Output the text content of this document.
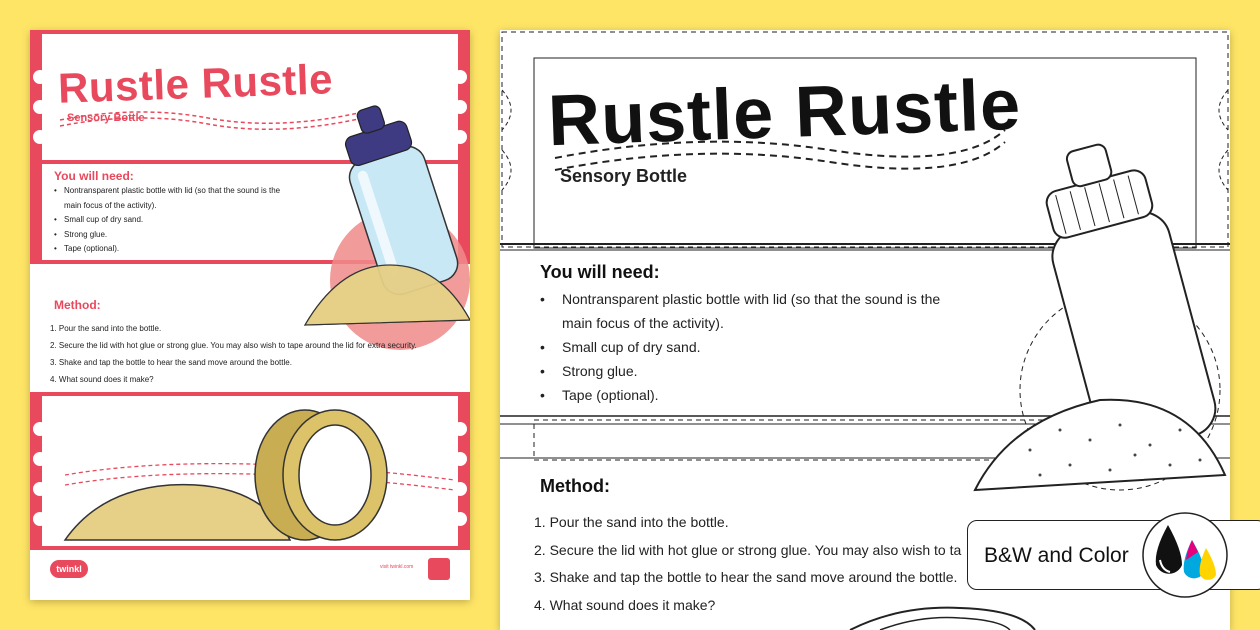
Rustle Rustle
Sensory Bottle
You will need:
• Nontransparent plastic bottle with lid (so that the sound is the
main focus of the activity).
• Small cup of dry sand.
• Strong glue.
• Tape (optional).
Method:
1. Pour the sand into the bottle.
2. Secure the lid with hot glue or strong glue. You may also wish to tape around the lid for extra security.
3. Shake and tap the bottle to hear the sand move around the bottle.
4. What sound does it make?
twinkl	visit twinkl.com
Rustle Rustle
Sensory Bottle
You will need:
• Nontransparent plastic bottle with lid (so that the sound is the
main focus of the activity).
• Small cup of dry sand.
• Strong glue.
• Tape (optional).
Method:
1. Pour the sand into the bottle.
2. Secure the lid with hot glue or strong glue. You may also wish to ta
3. Shake and tap the bottle to hear the sand move around the bottle.
4. What sound does it make?
B&W and Color
